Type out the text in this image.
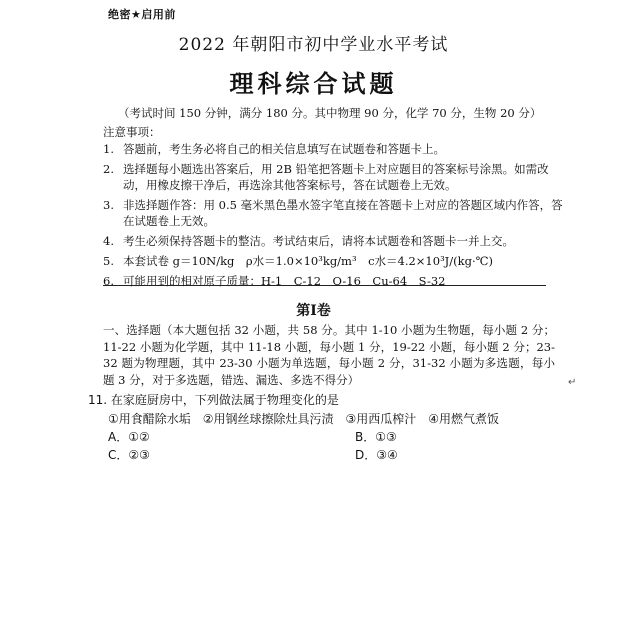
绝密★启用前
2022 年朝阳市初中学业水平考试
理科综合试题
（考试时间 150 分钟，满分 180 分。其中物理 90 分，化学 70 分，生物 20 分）
注意事项：
1. 答题前，考生务必将自己的相关信息填写在试题卷和答题卡上。
2. 选择题每小题选出答案后，用 2B 铅笔把答题卡上对应题目的答案标号涂黑。如需改动，用橡皮擦干净后，再选涂其他答案标号，答在试题卷上无效。
3. 非选择题作答：用 0.5 毫米黑色墨水签字笔直接在答题卡上对应的答题区域内作答，答在试题卷上无效。
4. 考生必须保持答题卡的整洁。考试结束后，请将本试题卷和答题卡一并上交。
5. 本套试卷 g＝10N/kg　ρ水＝1.0×10³kg/m³　c水＝4.2×10³J/(kg·℃)
6. 可能用到的相对原子质量：H-1　C-12　O-16　Cu-64　S-32
第Ⅰ卷
一、选择题（本大题包括 32 小题，共 58 分。其中 1-10 小题为生物题，每小题 2 分；11-22 小题为化学题，其中 11-18 小题，每小题 1 分，19-22 小题，每小题 2 分；23-32 题为物理题，其中 23-30 小题为单选题，每小题 2 分，31-32 小题为多选题，每小题 3 分，对于多选题，错选、漏选、多选不得分）	↵
11. 在家庭厨房中，下列做法属于物理变化的是
①用食醋除水垢　②用钢丝球擦除灶具污渍　③用西瓜榨汁　④用燃气煮饭
A．①②	B．①③
C．②③	D．③④
